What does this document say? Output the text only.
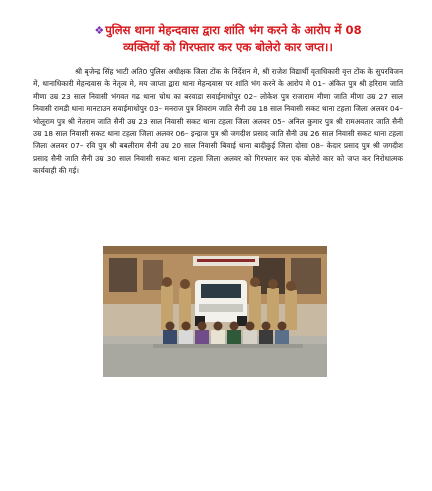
❖पुलिस थाना मेहन्दवास द्वारा शांति भंग करने के आरोप में 08
व्यक्तियों को गिरफ्तार कर एक बोलेरो कार जप्त।।
श्री बृजेन्द्र सिंह भाटी अति0 पुलिस अधीक्षक जिला टोंक के निर्देशन मे, श्री राजेश विद्यार्थी वृताधिकारी वृत्त टोंक के सुपरविजन में, थानाधिकारी मेहन्दवास के नेतृत्व मे, मय जाप्ता द्वारा थाना मेहन्दवास पर शांति भंग करने के आरोप मे 01– अंकित पुत्र श्री हरिराम जाति मीणा उम्र 23 साल निवासी भंगवत गढ थाना चोथ का बरवाडा सवाईमाधोपुर 02– लोकेश पुत्र राजाराम मीणा जाति मीणा उम्र 27 साल निवासी रामडी थाना मानटाउन सवाईमाधोपुर 03– मनराज पुत्र शिवराम जाति सैनी उम्र 18 साल निवासी सकट थाना टहला जिला अलवर 04– भोलूराम पुत्र श्री नेतराम जाति सैनी उम्र 23 साल निवासी सकट थाना टहला जिला अलवर 05– अनिल कुमार पुत्र श्री रामअवतार जाति सैनी उम्र 18 साल निवासी सकट थाना टहला जिला अलवर 06– इन्द्राज पुत्र श्री जगदीश प्रसाद जाति सैनी उम्र 26 साल निवासी सकट थाना टहला जिला अलवर 07– रवि पुत्र श्री बबलीराम सैनी उम्र 20 साल निवासी बिवाई थाना बादीकुई जिला दोसा 08– केदार प्रसाद पुत्र श्री जगदीश प्रसाद सैनी जाति सैनी उम्र 30 साल निवासी सकट थाना टहला जिला अलवर को गिरफ्तार कर एक बोलेरो कार को जप्त कर निरोधात्मक कार्यवाही की गई।
